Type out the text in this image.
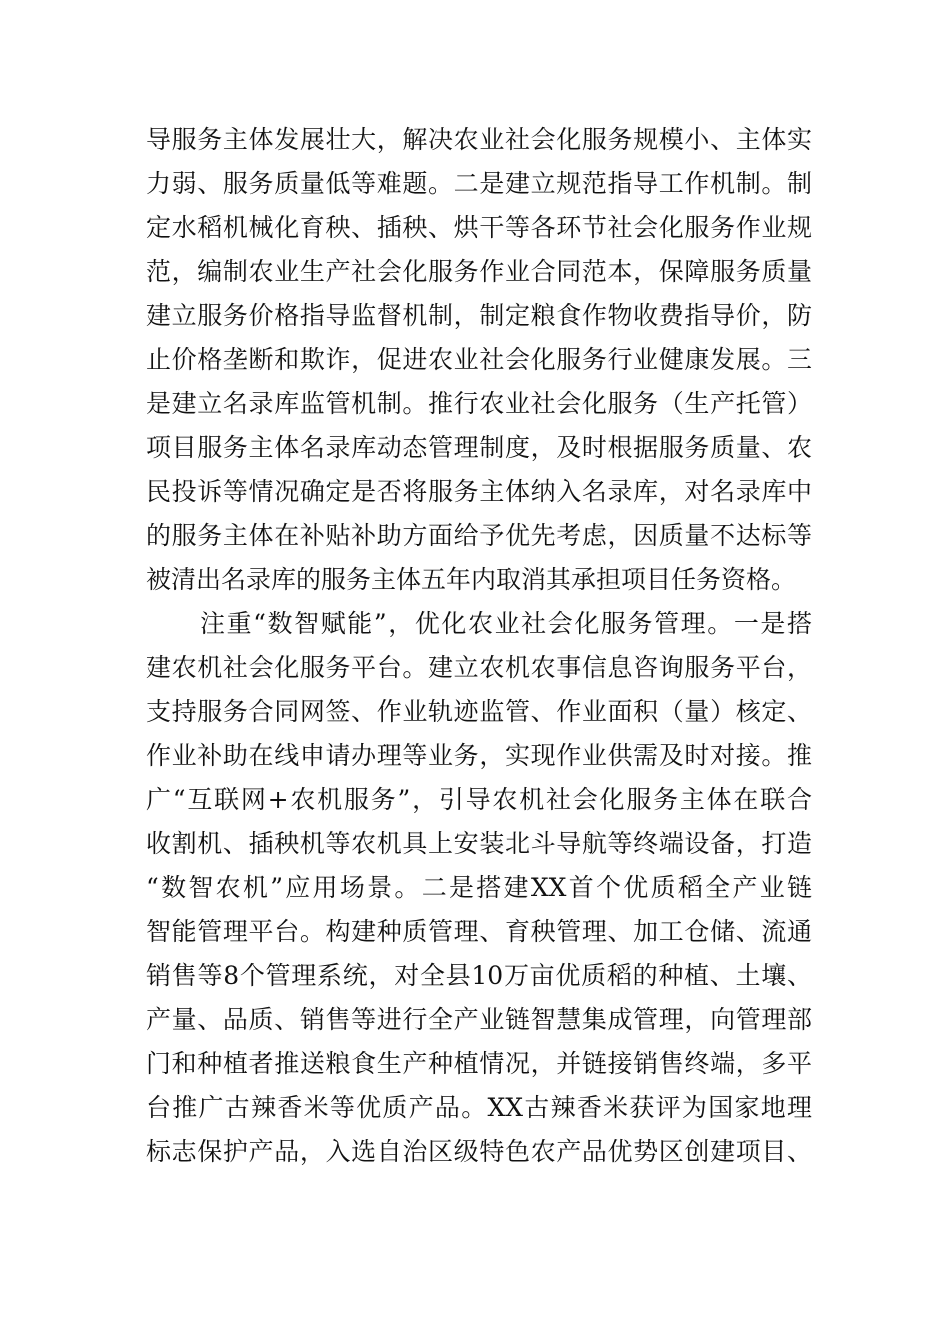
导服务主体发展壮大，解决农业社会化服务规模小、主体实
力弱、服务质量低等难题。二是建立规范指导工作机制。制
定水稻机械化育秧、插秧、烘干等各环节社会化服务作业规
范，编制农业生产社会化服务作业合同范本，保障服务质量
建立服务价格指导监督机制，制定粮食作物收费指导价，防
止价格垄断和欺诈，促进农业社会化服务行业健康发展。三
是建立名录库监管机制。推行农业社会化服务（生产托管）
项目服务主体名录库动态管理制度，及时根据服务质量、农
民投诉等情况确定是否将服务主体纳入名录库，对名录库中
的服务主体在补贴补助方面给予优先考虑，因质量不达标等
被清出名录库的服务主体五年内取消其承担项目任务资格。
注重“数智赋能”，优化农业社会化服务管理。一是搭
建农机社会化服务平台。建立农机农事信息咨询服务平台，
支持服务合同网签、作业轨迹监管、作业面积（量）核定、
作业补助在线申请办理等业务，实现作业供需及时对接。推
广“互联网+农机服务”，引导农机社会化服务主体在联合
收割机、插秧机等农机具上安装北斗导航等终端设备，打造
“数智农机”应用场景。二是搭建XX首个优质稻全产业链
智能管理平台。构建种质管理、育秧管理、加工仓储、流通
销售等8个管理系统，对全县10万亩优质稻的种植、土壤、
产量、品质、销售等进行全产业链智慧集成管理，向管理部
门和种植者推送粮食生产种植情况，并链接销售终端，多平
台推广古辣香米等优质产品。XX古辣香米获评为国家地理
标志保护产品，入选自治区级特色农产品优势区创建项目、
